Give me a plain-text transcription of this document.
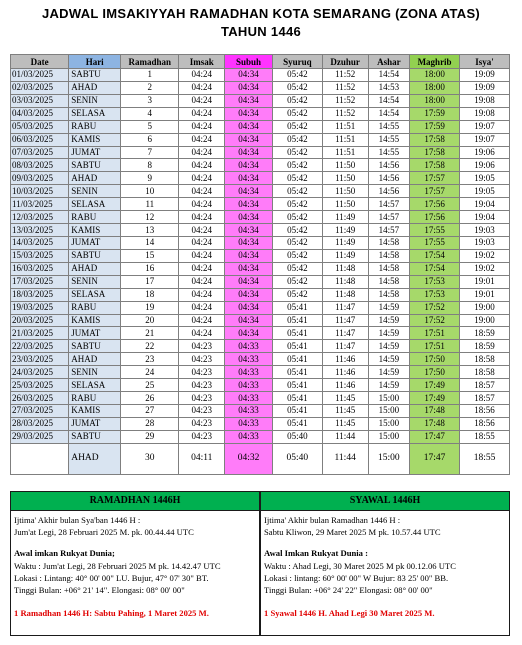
JADWAL IMSAKIYYAH RAMADHAN KOTA SEMARANG (ZONA ATAS)
TAHUN 1446
Date	Hari	Ramadhan	Imsak	Subuh	Syuruq	Dzuhur	Ashar	Maghrib	Isya'
01/03/2025	SABTU	1	04:24	04:34	05:42	11:52	14:54	18:00	19:09
02/03/2025	AHAD	2	04:24	04:34	05:42	11:52	14:53	18:00	19:09
03/03/2025	SENIN	3	04:24	04:34	05:42	11:52	14:54	18:00	19:08
04/03/2025	SELASA	4	04:24	04:34	05:42	11:52	14:54	17:59	19:08
05/03/2025	RABU	5	04:24	04:34	05:42	11:51	14:55	17:59	19:07
06/03/2025	KAMIS	6	04:24	04:34	05:42	11:51	14:55	17:58	19:07
07/03/2025	JUMAT	7	04:24	04:34	05:42	11:51	14:55	17:58	19:06
08/03/2025	SABTU	8	04:24	04:34	05:42	11:50	14:56	17:58	19:06
09/03/2025	AHAD	9	04:24	04:34	05:42	11:50	14:56	17:57	19:05
10/03/2025	SENIN	10	04:24	04:34	05:42	11:50	14:56	17:57	19:05
11/03/2025	SELASA	11	04:24	04:34	05:42	11:50	14:57	17:56	19:04
12/03/2025	RABU	12	04:24	04:34	05:42	11:49	14:57	17:56	19:04
13/03/2025	KAMIS	13	04:24	04:34	05:42	11:49	14:57	17:55	19:03
14/03/2025	JUMAT	14	04:24	04:34	05:42	11:49	14:58	17:55	19:03
15/03/2025	SABTU	15	04:24	04:34	05:42	11:49	14:58	17:54	19:02
16/03/2025	AHAD	16	04:24	04:34	05:42	11:48	14:58	17:54	19:02
17/03/2025	SENIN	17	04:24	04:34	05:42	11:48	14:58	17:53	19:01
18/03/2025	SELASA	18	04:24	04:34	05:42	11:48	14:58	17:53	19:01
19/03/2025	RABU	19	04:24	04:34	05:41	11:47	14:59	17:52	19:00
20/03/2025	KAMIS	20	04:24	04:34	05:41	11:47	14:59	17:52	19:00
21/03/2025	JUMAT	21	04:24	04:34	05:41	11:47	14:59	17:51	18:59
22/03/2025	SABTU	22	04:23	04:33	05:41	11:47	14:59	17:51	18:59
23/03/2025	AHAD	23	04:23	04:33	05:41	11:46	14:59	17:50	18:58
24/03/2025	SENIN	24	04:23	04:33	05:41	11:46	14:59	17:50	18:58
25/03/2025	SELASA	25	04:23	04:33	05:41	11:46	14:59	17:49	18:57
26/03/2025	RABU	26	04:23	04:33	05:41	11:45	15:00	17:49	18:57
27/03/2025	KAMIS	27	04:23	04:33	05:41	11:45	15:00	17:48	18:56
28/03/2025	JUMAT	28	04:23	04:33	05:41	11:45	15:00	17:48	18:56
29/03/2025	SABTU	29	04:23	04:33	05:40	11:44	15:00	17:47	18:55
	AHAD	30	04:11	04:32	05:40	11:44	15:00	17:47	18:55
RAMADHAN 1446H
Ijtima' Akhir bulan Sya'ban 1446 H :
Jum'at Legi, 28 Februari 2025 M. pk. 00.44.44 UTC
Awal imkan Rukyat Dunia;
Waktu : Jum'at Legi, 28 Februari 2025 M pk. 14.42.47 UTC
Lokasi : Lintang: 40° 00' 00" LU. Bujur, 47° 07' 30" BT.
Tinggi Bulan: +06° 21' 14". Elongasi: 08° 00' 00"
1 Ramadhan 1446 H: Sabtu Pahing, 1 Maret 2025 M.
SYAWAL 1446H
Ijtima' Akhir bulan Ramadhan 1446 H :
Sabtu Kliwon, 29 Maret 2025 M pk. 10.57.44 UTC
Awal Imkan Rukyat Dunia :
Waktu : Ahad Legi, 30 Maret 2025 M pk 00.12.06 UTC
Lokasi : lintang: 60° 00' 00" W Bujur: 83 25' 00" BB.
Tinggi Bulan: +06° 24' 22" Elongasi: 08° 00' 00"
1 Syawal 1446 H. Ahad Legi 30 Maret 2025 M.
